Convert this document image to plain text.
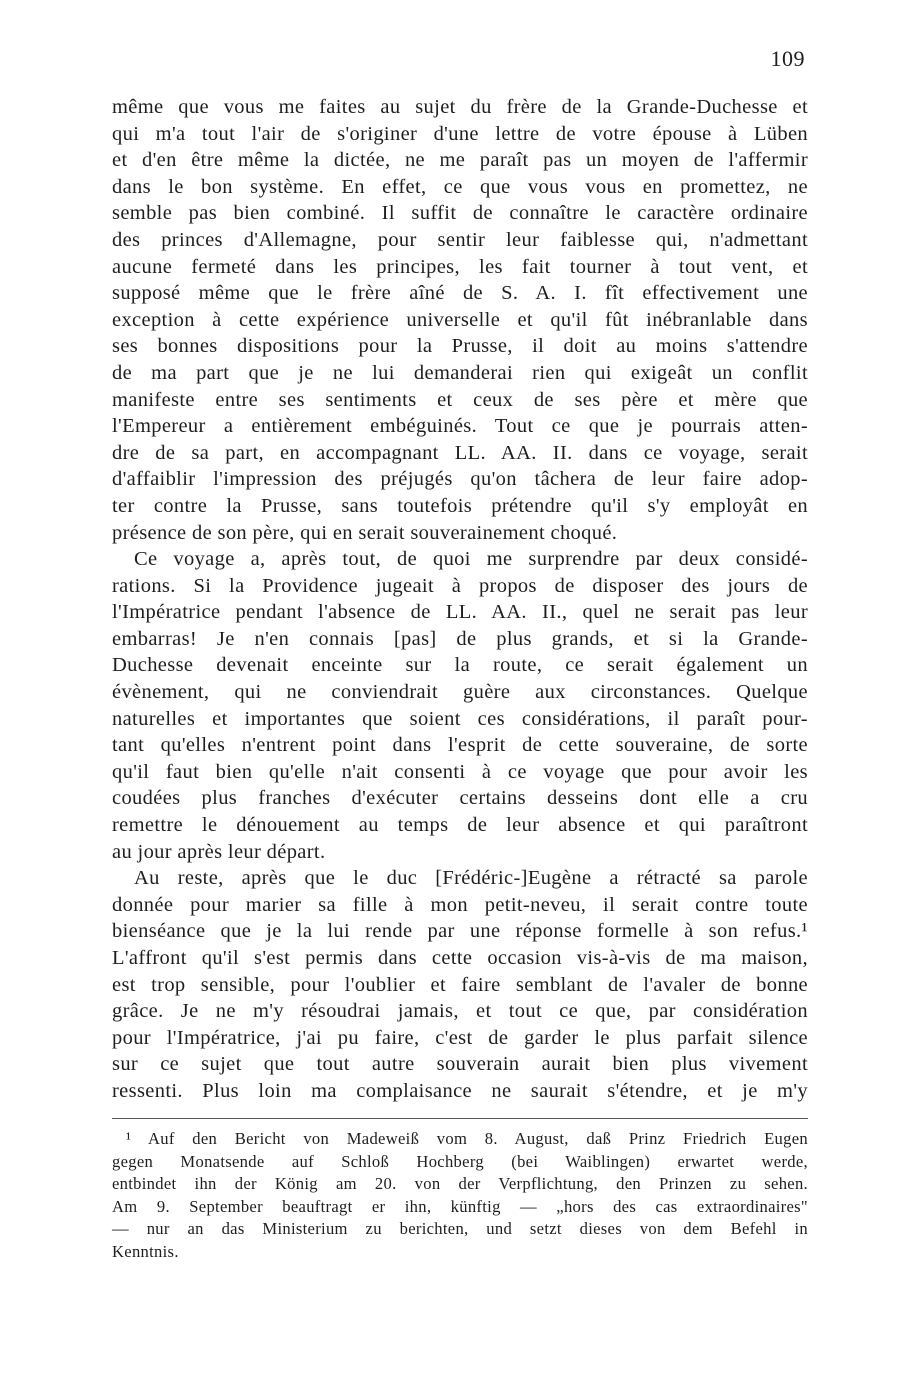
109
même que vous me faites au sujet du frère de la Grande-Duchesse et
qui m'a tout l'air de s'originer d'une lettre de votre épouse à Lüben
et d'en être même la dictée, ne me paraît pas un moyen de l'affermir
dans le bon système. En effet, ce que vous vous en promettez, ne
semble pas bien combiné. Il suffit de connaître le caractère ordinaire
des princes d'Allemagne, pour sentir leur faiblesse qui, n'admettant
aucune fermeté dans les principes, les fait tourner à tout vent, et
supposé même que le frère aîné de S. A. I. fît effectivement une
exception à cette expérience universelle et qu'il fût inébranlable dans
ses bonnes dispositions pour la Prusse, il doit au moins s'attendre
de ma part que je ne lui demanderai rien qui exigeât un conflit
manifeste entre ses sentiments et ceux de ses père et mère que
l'Empereur a entièrement embéguinés. Tout ce que je pourrais atten-
dre de sa part, en accompagnant LL. AA. II. dans ce voyage, serait
d'affaiblir l'impression des préjugés qu'on tâchera de leur faire adop-
ter contre la Prusse, sans toutefois prétendre qu'il s'y employât en
présence de son père, qui en serait souverainement choqué.
Ce voyage a, après tout, de quoi me surprendre par deux considé-
rations. Si la Providence jugeait à propos de disposer des jours de
l'Impératrice pendant l'absence de LL. AA. II., quel ne serait pas leur
embarras! Je n'en connais [pas] de plus grands, et si la Grande-
Duchesse devenait enceinte sur la route, ce serait également un
évènement, qui ne conviendrait guère aux circonstances. Quelque
naturelles et importantes que soient ces considérations, il paraît pour-
tant qu'elles n'entrent point dans l'esprit de cette souveraine, de sorte
qu'il faut bien qu'elle n'ait consenti à ce voyage que pour avoir les
coudées plus franches d'exécuter certains desseins dont elle a cru
remettre le dénouement au temps de leur absence et qui paraîtront
au jour après leur départ.
Au reste, après que le duc [Frédéric-]Eugène a rétracté sa parole
donnée pour marier sa fille à mon petit-neveu, il serait contre toute
bienséance que je la lui rende par une réponse formelle à son refus.¹
L'affront qu'il s'est permis dans cette occasion vis-à-vis de ma maison,
est trop sensible, pour l'oublier et faire semblant de l'avaler de bonne
grâce. Je ne m'y résoudrai jamais, et tout ce que, par considération
pour l'Impératrice, j'ai pu faire, c'est de garder le plus parfait silence
sur ce sujet que tout autre souverain aurait bien plus vivement
ressenti. Plus loin ma complaisance ne saurait s'étendre, et je m'y
¹ Auf den Bericht von Madeweiß vom 8. August, daß Prinz Friedrich Eugen
gegen Monatsende auf Schloß Hochberg (bei Waiblingen) erwartet werde,
entbindet ihn der König am 20. von der Verpflichtung, den Prinzen zu sehen.
Am 9. September beauftragt er ihn, künftig — „hors des cas extraordinaires"
— nur an das Ministerium zu berichten, und setzt dieses von dem Befehl in
Kenntnis.
